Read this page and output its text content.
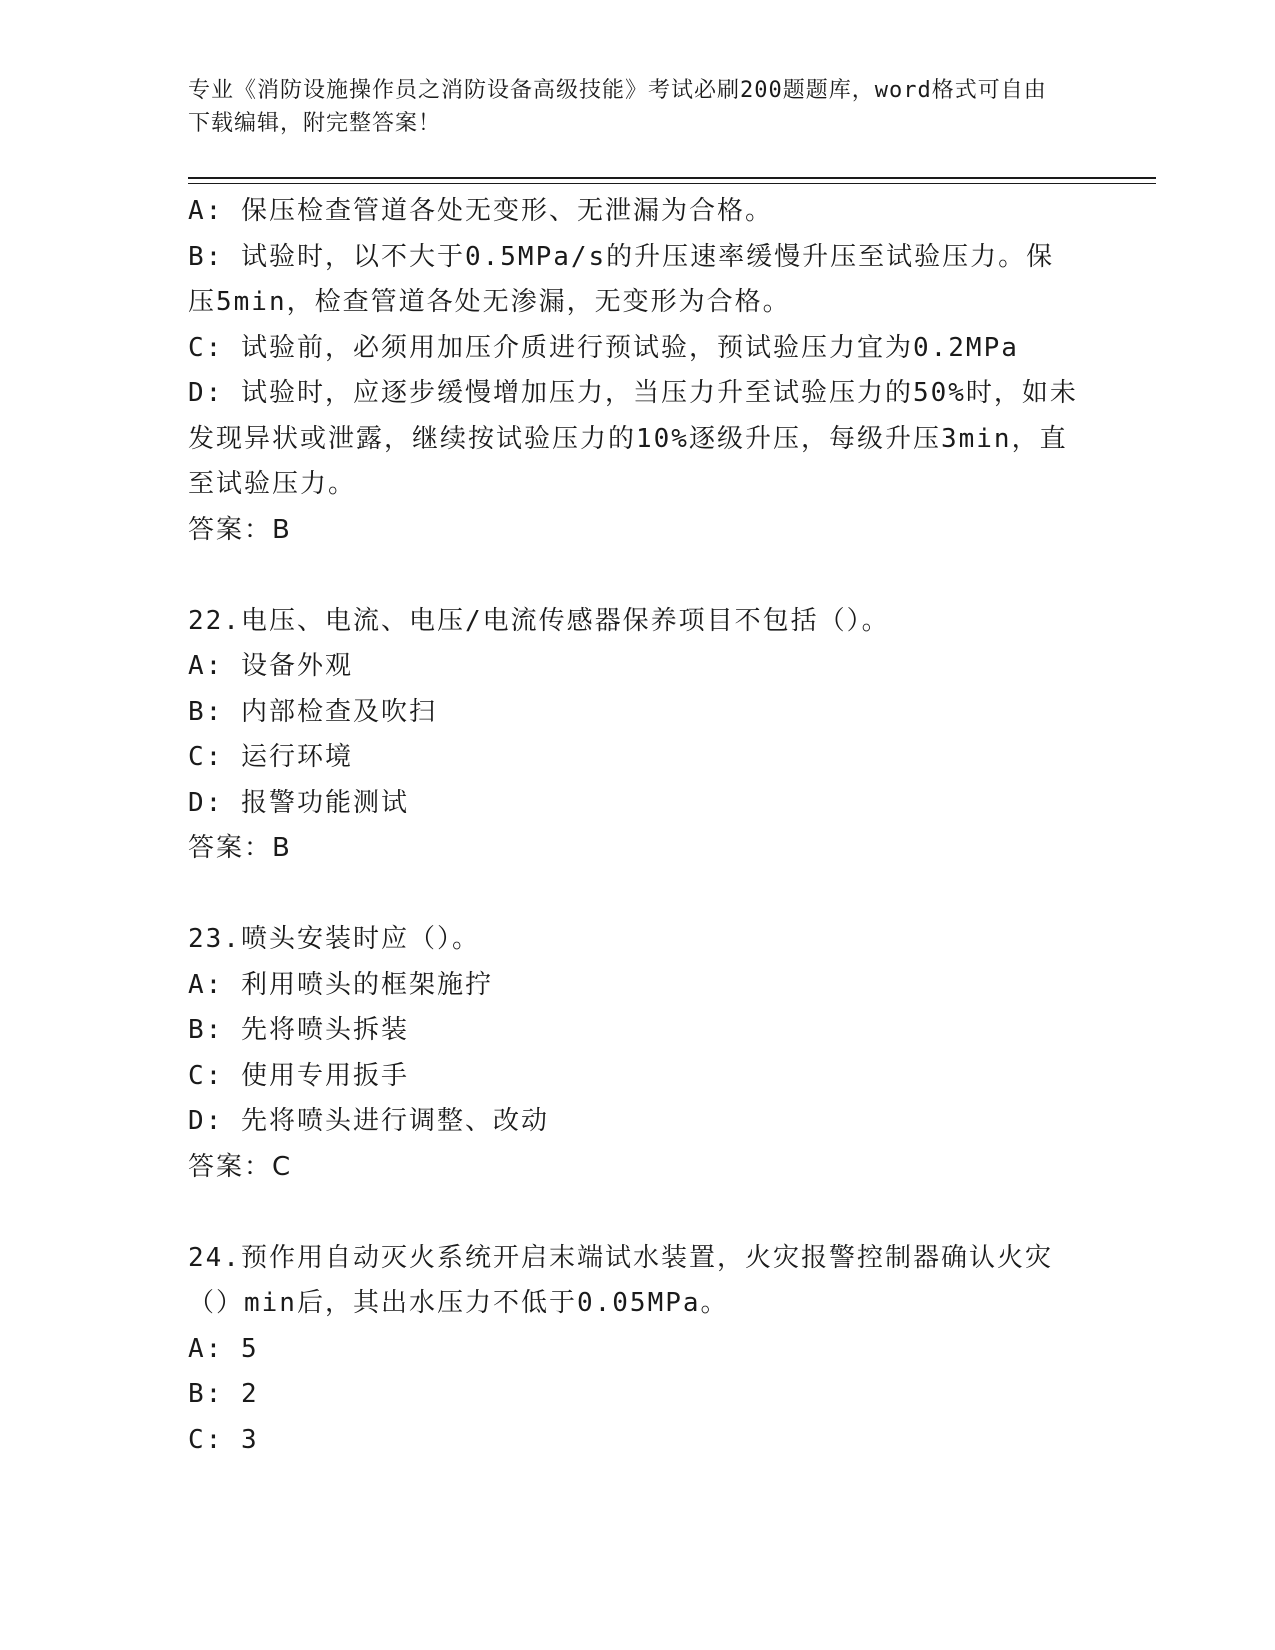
专业《消防设施操作员之消防设备高级技能》考试必刷200题题库，word格式可自由下载编辑，附完整答案！
A: 保压检查管道各处无变形、无泄漏为合格。
B: 试验时，以不大于0.5MPa/s的升压速率缓慢升压至试验压力。保压5min，检查管道各处无渗漏，无变形为合格。
C: 试验前，必须用加压介质进行预试验，预试验压力宜为0.2MPa
D: 试验时，应逐步缓慢增加压力，当压力升至试验压力的50%时，如未发现异状或泄露，继续按试验压力的10%逐级升压，每级升压3min，直至试验压力。
答案：B
22.电压、电流、电压/电流传感器保养项目不包括（）。
A: 设备外观
B: 内部检查及吹扫
C: 运行环境
D: 报警功能测试
答案：B
23.喷头安装时应（）。
A: 利用喷头的框架施拧
B: 先将喷头拆装
C: 使用专用扳手
D: 先将喷头进行调整、改动
答案：C
24.预作用自动灭火系统开启末端试水装置，火灾报警控制器确认火灾（）min后，其出水压力不低于0.05MPa。
A: 5
B: 2
C: 3
